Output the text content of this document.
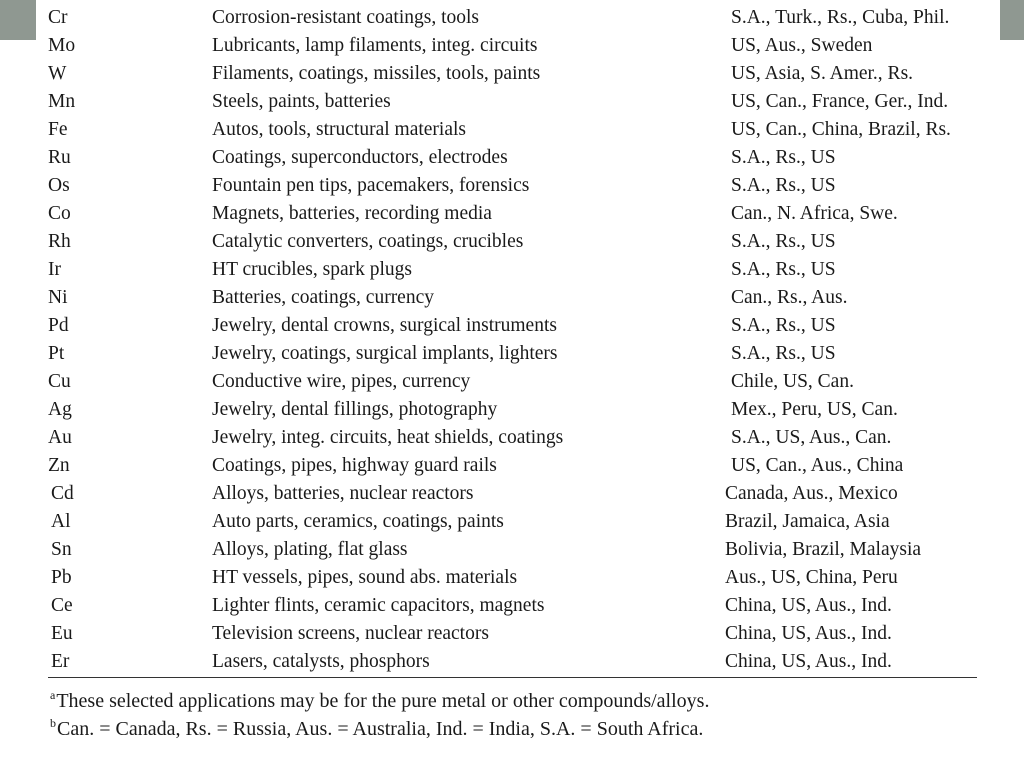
Cr	Corrosion-resistant coatings, tools	S.A., Turk., Rs., Cuba, Phil.
Mo	Lubricants, lamp filaments, integ. circuits	US, Aus., Sweden
W	Filaments, coatings, missiles, tools, paints	US, Asia, S. Amer., Rs.
Mn	Steels, paints, batteries	US, Can., France, Ger., Ind.
Fe	Autos, tools, structural materials	US, Can., China, Brazil, Rs.
Ru	Coatings, superconductors, electrodes	S.A., Rs., US
Os	Fountain pen tips, pacemakers, forensics	S.A., Rs., US
Co	Magnets, batteries, recording media	Can., N. Africa, Swe.
Rh	Catalytic converters, coatings, crucibles	S.A., Rs., US
Ir	HT crucibles, spark plugs	S.A., Rs., US
Ni	Batteries, coatings, currency	Can., Rs., Aus.
Pd	Jewelry, dental crowns, surgical instruments	S.A., Rs., US
Pt	Jewelry, coatings, surgical implants, lighters	S.A., Rs., US
Cu	Conductive wire, pipes, currency	Chile, US, Can.
Ag	Jewelry, dental fillings, photography	Mex., Peru, US, Can.
Au	Jewelry, integ. circuits, heat shields, coatings	S.A., US, Aus., Can.
Zn	Coatings, pipes, highway guard rails	US, Can., Aus., China
Cd	Alloys, batteries, nuclear reactors	Canada, Aus., Mexico
Al	Auto parts, ceramics, coatings, paints	Brazil, Jamaica, Asia
Sn	Alloys, plating, flat glass	Bolivia, Brazil, Malaysia
Pb	HT vessels, pipes, sound abs. materials	Aus., US, China, Peru
Ce	Lighter flints, ceramic capacitors, magnets	China, US, Aus., Ind.
Eu	Television screens, nuclear reactors	China, US, Aus., Ind.
Er	Lasers, catalysts, phosphors	China, US, Aus., Ind.
$^a$These selected applications may be for the pure metal or other compounds/alloys.
$^b$Can. = Canada, Rs. = Russia, Aus. = Australia, Ind. = India, S.A. = South Africa.
